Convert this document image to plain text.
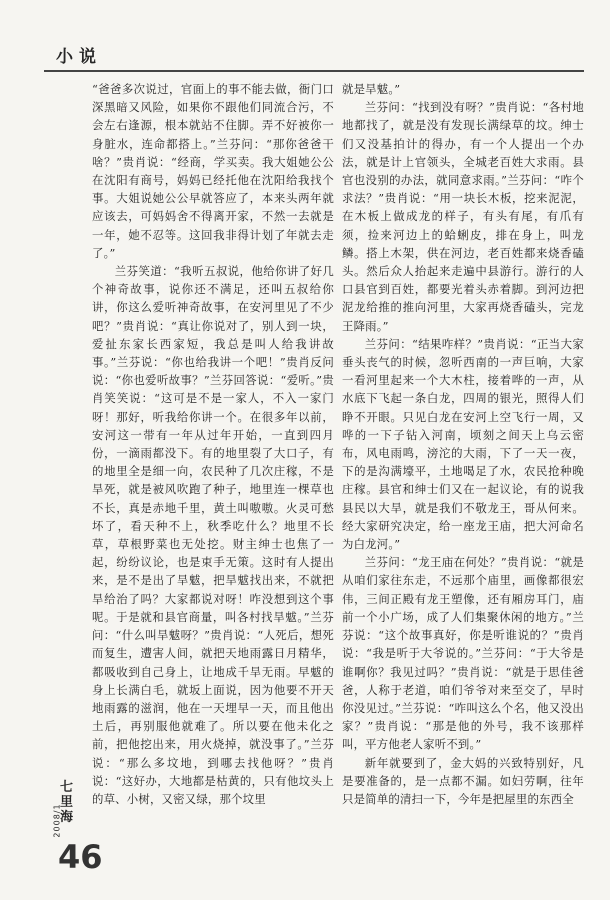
小说

“爸爸多次说过，官面上的事不能去做，衙门口深黑暗又风险，如果你不跟他们同流合污，不会左右逢源，根本就站不住脚。弄不好被你一身脏水，连命都搭上。”兰芬问：“那你爸爸干啥？”贵肖说：“经商，学买卖。我大姐她公公在沈阳有商号，妈妈已经托他在沈阳给我找个事。大姐说她公公早就答应了，本来头两年就应该去，可妈妈舍不得离开家，不然一去就是一年，她不忍等。这回我非得计划了年就去走了。”

兰芬笑道：“我听五叔说，他给你讲了好几个神奇故事，说你还不满足，还叫五叔给你讲，你这么爱听神奇故事，在安河里见了不少吧？”贵肖说：“真让你说对了，别人到一块，爱扯东家长西家短，我总是叫人给我讲故事。”兰芬说：“你也给我讲一个吧！”贵肖反问说：“你也爱听故事？”兰芬回答说：“爱听。”贵肖笑笑说：“这可是不是一家人，不入一家门呀！那好，听我给你讲一个。在很多年以前，安河这一带有一年从过年开始，一直到四月份，一滴雨都没下。有的地里裂了大口子，有的地里全是细一向，农民种了几次庄稼，不是旱死，就是被风吹跑了种子，地里连一棵草也不长，真是赤地千里，黄土叫嗷嗷。火灵可愁坏了，看天种不上，秋季吃什么？地里不长草，草根野菜也无处挖。财主绅士也焦了一起，纷纷议论，也是束手无策。这时有人提出来，是不是出了旱魃，把旱魃找出来，不就把旱给治了吗？大家都说对呀！咋没想到这个事呢。于是就和县官商量，叫各村找旱魃。”兰芬问：“什么叫旱魃呀？”贵肖说：“人死后，想死而复生，遭害人间，就把天地雨露日月精华，都吸收到自己身上，让地成千旱无雨。早魃的身上长满白毛，就坂上面说，因为他要不开天地雨露的滋润，他在一天埋早一天，而且他出土后，再别服他就难了。所以要在他未化之前，把他挖出来，用火烧掉，就没事了。”兰芬说：“那么多坟地，到哪去找他呀？”贵肖说：“这好办，大地都是枯黄的，只有他坟头上的草、小树，又密又绿，那个坟里

就是旱魃。”

兰芬问：“找到没有呀？”贵肖说：“各村地地都找了，就是没有发现长满绿草的坟。绅士们又没基拍计的得办，有一个人提出一个办法，就是计上官领头，全城老百姓大求雨。县官也没别的办法，就同意求雨。”兰芬问：“咋个求法？”贵肖说：“用一块长木板，挖来泥泥，在木板上做成龙的样子，有头有尾，有爪有须，捡来河边上的蛤蜊皮，排在身上，叫龙鳞。搭上木架，供在河边，老百姓都来烧香磕头。然后众人抬起来走遍中县游行。游行的人口县官到百姓，都要光着头赤着脚。到河边把泥龙给推的推向河里，大家再烧香磕头，完龙王降雨。”

兰芬问：“结果咋样？”贵肖说：“正当大家垂头丧气的时候，忽听西南的一声巨响，大家一看河里起来一个大木柱，接着哗的一声，从水底下飞起一条白龙，四周的银光，照得人们睁不开眼。只见白龙在安河上空飞行一周，又哗的一下子钻入河南，顷刻之间天上乌云密布，风电雨鸣，滂沱的大雨，下了一天一夜，下的是沟满壕平，土地喝足了水，农民抢种晚庄稼。县官和绅士们又在一起议论，有的说我县民以大旱，就是我们不敬龙王，哥从何来。经大家研究决定，给一座龙王庙，把大河命名为白龙河。”

兰芬问：“龙王庙在何处？”贵肖说：“就是从咱们家往东走，不远那个庙里，画像都很宏伟，三间正殿有龙王塑像，还有厢房耳门，庙前一个小广场，成了人们集聚休闲的地方。”兰芬说：“这个故事真好，你是听谁说的？”贵肖说：“我是听于大爷说的。”兰芬问：“于大爷是谁啊你？我见过吗？”贵肖说：“就是于思佳爸爸，人称于老道，咱们爷爷对来至交了，早时你没见过。”兰芬说：“咋叫这么个名，他又没出家？”贵肖说：“那是他的外号，我不该那样叫，平方他老人家听不到。”

新年就要到了，金大妈的兴致特别好，凡是要准备的，是一点都不漏。如妇劳啊，往年只是简单的清扫一下，今年是把屋里的东西全

七里海
2008/1
46
